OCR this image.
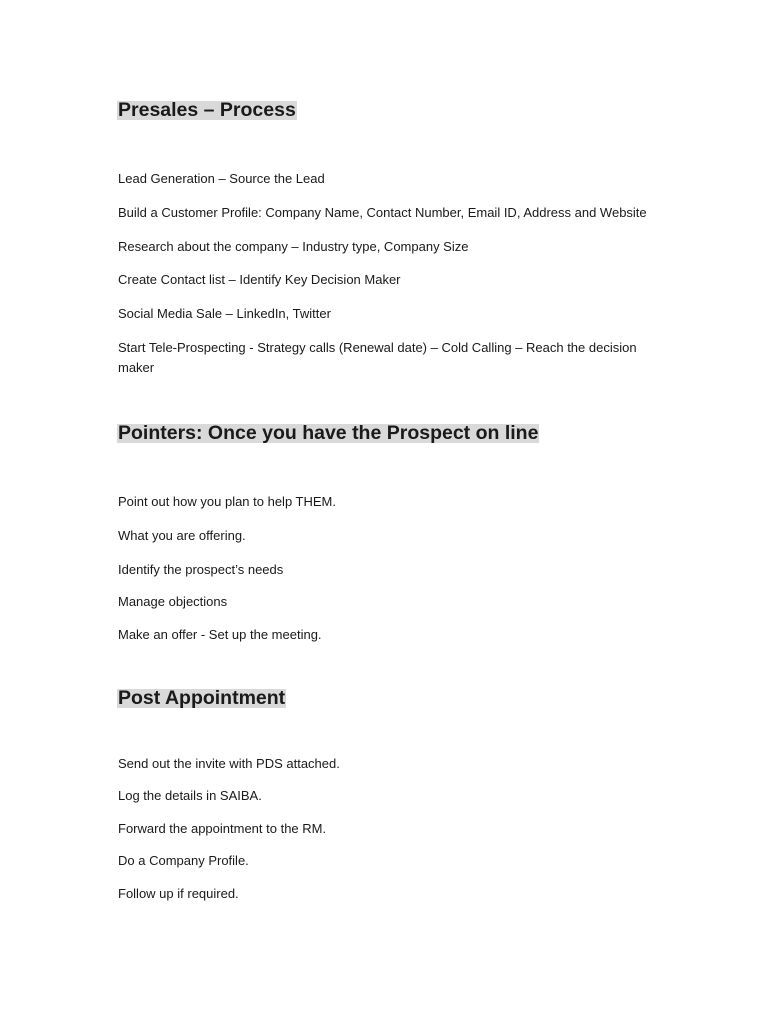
Presales – Process

Lead Generation – Source the Lead

Build a Customer Profile: Company Name, Contact Number, Email ID, Address and Website

Research about the company – Industry type, Company Size

Create Contact list – Identify Key Decision Maker

Social Media Sale – LinkedIn, Twitter

Start Tele-Prospecting - Strategy calls (Renewal date) – Cold Calling – Reach the decision maker

Pointers: Once you have the Prospect on line

Point out how you plan to help THEM.

What you are offering.

Identify the prospect’s needs

Manage objections

Make an offer - Set up the meeting.

Post Appointment

Send out the invite with PDS attached.

Log the details in SAIBA.

Forward the appointment to the RM.

Do a Company Profile.

Follow up if required.
